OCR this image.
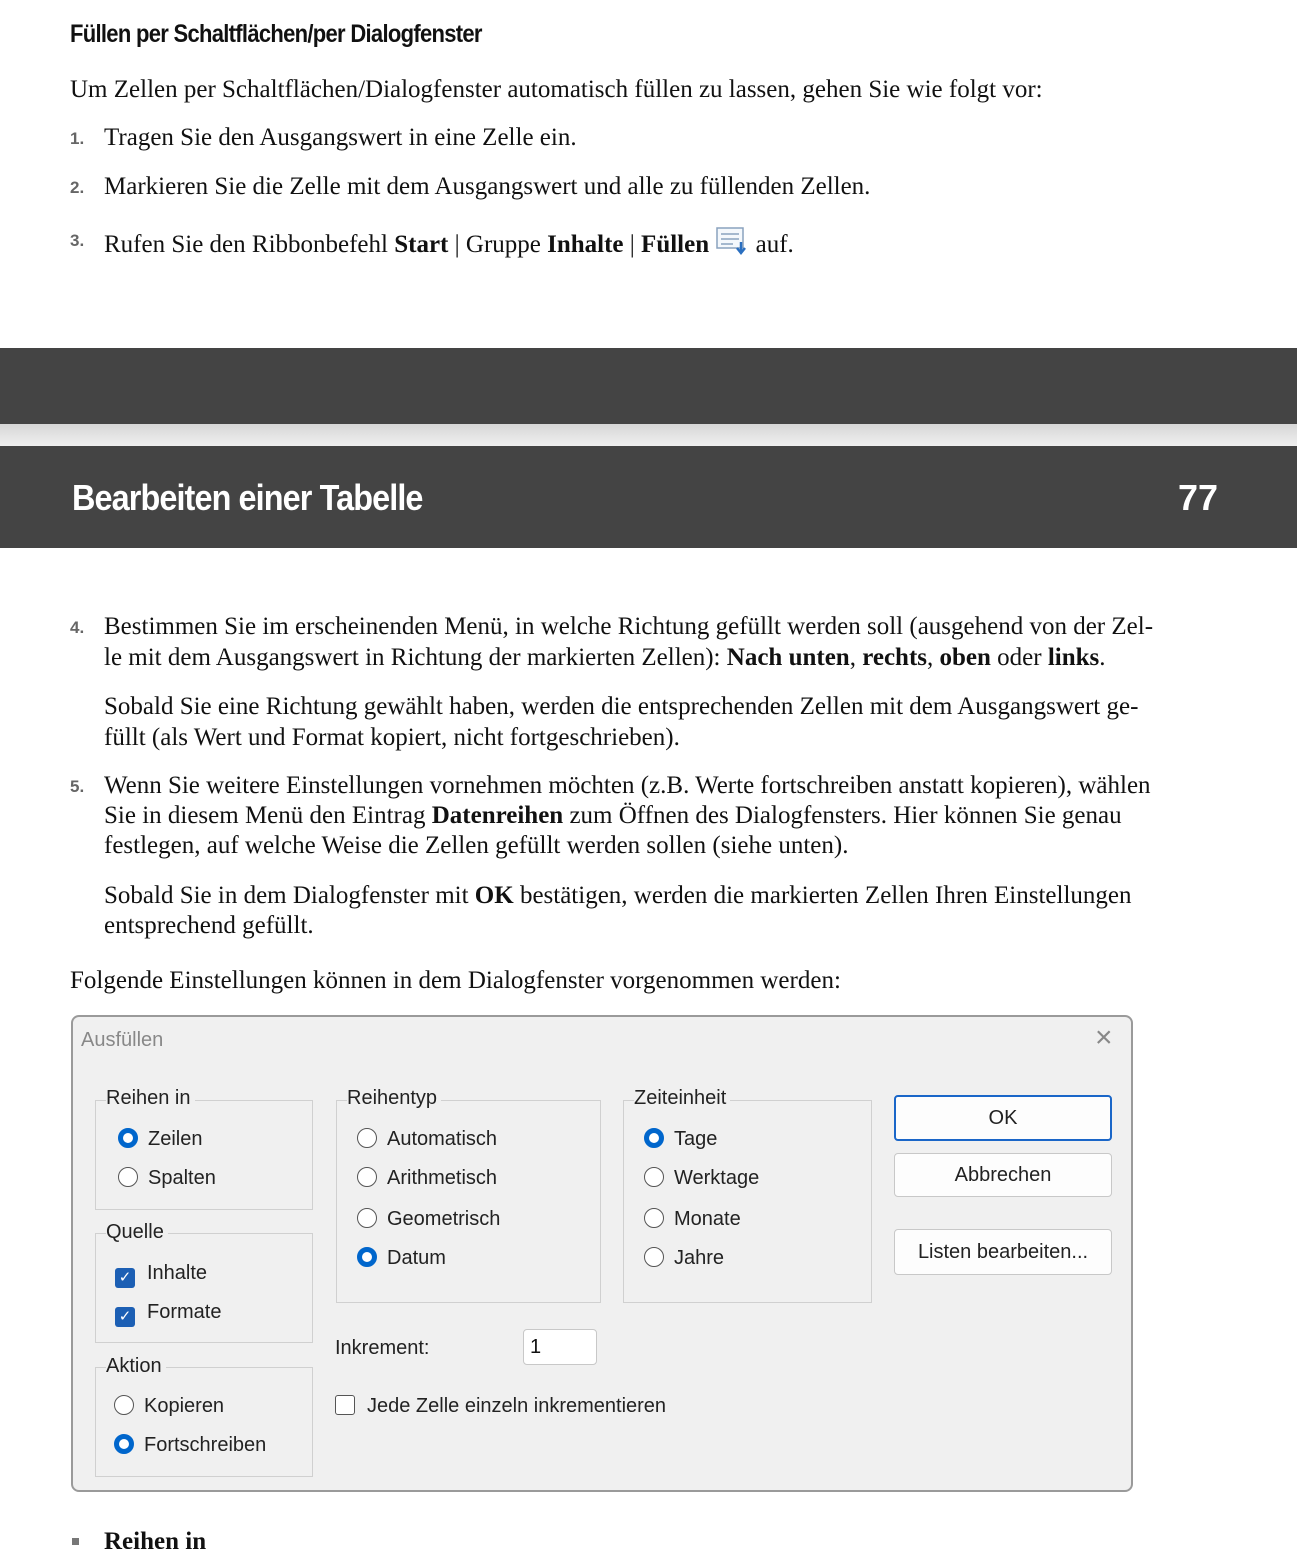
Füllen per Schaltflächen/per Dialogfenster
Um Zellen per Schaltflächen/Dialogfenster automatisch füllen zu lassen, gehen Sie wie folgt vor:
1. Tragen Sie den Ausgangswert in eine Zelle ein.
2. Markieren Sie die Zelle mit dem Ausgangswert und alle zu füllenden Zellen.
3. Rufen Sie den Ribbonbefehl Start | Gruppe Inhalte | Füllen  auf.
Bearbeiten einer Tabelle	77
4. Bestimmen Sie im erscheinenden Menü, in welche Richtung gefüllt werden soll (ausgehend von der Zel-
le mit dem Ausgangswert in Richtung der markierten Zellen): Nach unten, rechts, oben oder links.
Sobald Sie eine Richtung gewählt haben, werden die entsprechenden Zellen mit dem Ausgangswert ge-
füllt (als Wert und Format kopiert, nicht fortgeschrieben).
5. Wenn Sie weitere Einstellungen vornehmen möchten (z.B. Werte fortschreiben anstatt kopieren), wählen
Sie in diesem Menü den Eintrag Datenreihen zum Öffnen des Dialogfensters. Hier können Sie genau
festlegen, auf welche Weise die Zellen gefüllt werden sollen (siehe unten).
Sobald Sie in dem Dialogfenster mit OK bestätigen, werden die markierten Zellen Ihren Einstellungen
entsprechend gefüllt.
Folgende Einstellungen können in dem Dialogfenster vorgenommen werden:
Ausfüllen	×
Reihen in
Zeilen
Spalten
Quelle
✓ Inhalte
✓ Formate
Aktion
Kopieren
Fortschreiben
Reihentyp
Automatisch
Arithmetisch
Geometrisch
Datum
Zeiteinheit
Tage
Werktage
Monate
Jahre
Inkrement:	1
Jede Zelle einzeln inkrementieren
OK
Abbrechen
Listen bearbeiten...
Reihen in
